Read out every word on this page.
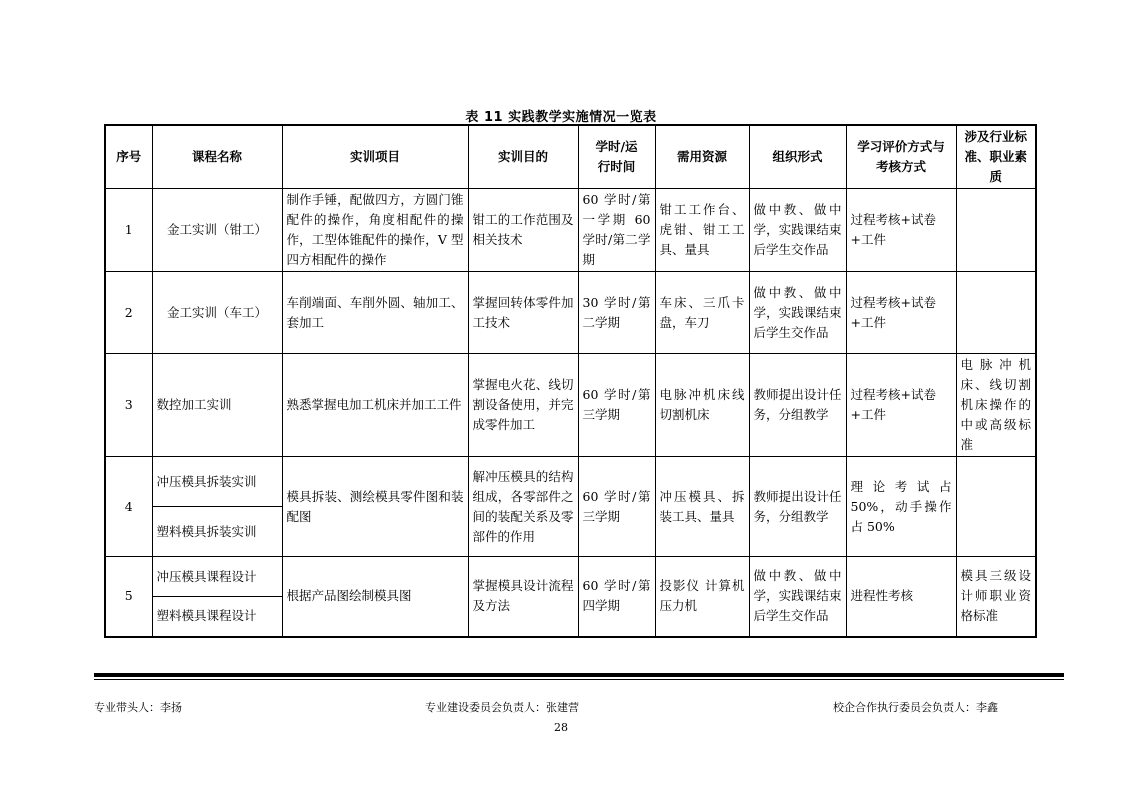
表 11 实践教学实施情况一览表
序号	课程名称	实训项目	实训目的	学时/运行时间	需用资源	组织形式	学习评价方式与考核方式	涉及行业标准、职业素质
1	金工实训（钳工）	制作手锤，配做四方，方圆门锥配件的操作，角度相配件的操作，工型体锥配件的操作，V 型四方相配件的操作	钳工的工作范围及相关技术	60 学时/第一学期 60 学时/第二学期	钳工工作台、虎钳、钳工工具、量具	做中教、做中学，实践课结束后学生交作品	过程考核+试卷+工件	
2	金工实训（车工）	车削端面、车削外圆、轴加工、套加工	掌握回转体零件加工技术	30 学时/第二学期	车床、三爪卡盘，车刀	做中教、做中学，实践课结束后学生交作品	过程考核+试卷+工件	
3	数控加工实训	熟悉掌握电加工机床并加工工件	掌握电火花、线切割设备使用，并完成零件加工	60 学时/第三学期	电脉冲机床线切割机床	教师提出设计任务，分组教学	过程考核+试卷+工件	电脉冲机床、线切割机床操作的中或高级标准
4	冲压模具拆装实训	模具拆装、测绘模具零件图和装配图	解冲压模具的结构组成，各零部件之间的装配关系及零部件的作用	60 学时/第三学期	冲压模具、拆装工具、量具	教师提出设计任务，分组教学	理论考试占 50%，动手操作占 50%	
	塑料模具拆装实训							
5	冲压模具课程设计	根据产品图绘制模具图	掌握模具设计流程及方法	60 学时/第四学期	投影仪 计算机 压力机	做中教、做中学，实践课结束后学生交作品	进程性考核	模具三级设计师职业资格标准
	塑料模具课程设计							
专业带头人：李扬	专业建设委员会负责人：张建营	校企合作执行委员会负责人：李鑫
28
